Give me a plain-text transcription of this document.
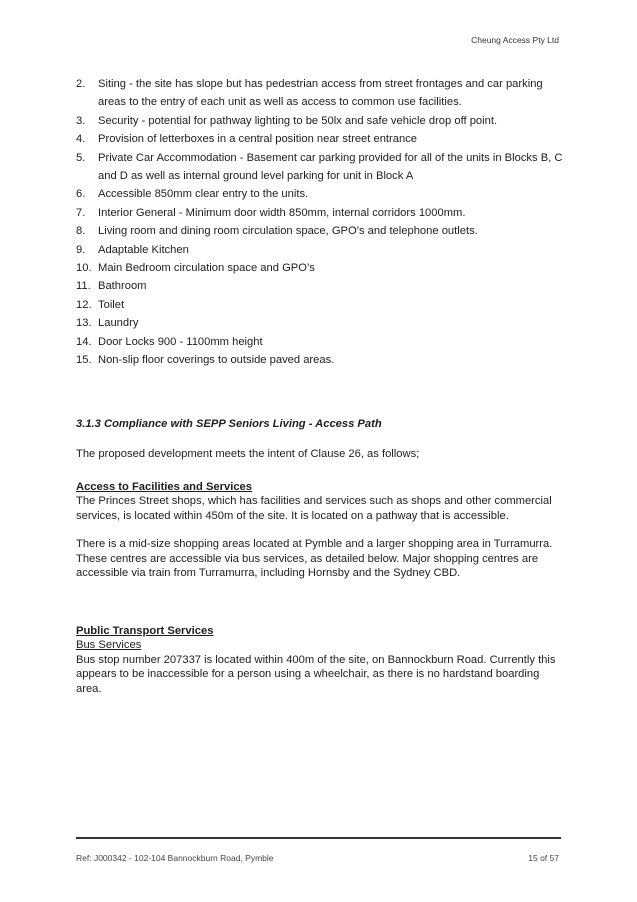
Cheung Access Pty Ltd
2. Siting - the site has slope but has pedestrian access from street frontages and car parking areas to the entry of each unit as well as access to common use facilities.
3. Security - potential for pathway lighting to be 50lx and safe vehicle drop off point.
4. Provision of letterboxes in a central position near street entrance
5. Private Car Accommodation - Basement car parking provided for all of the units in Blocks B, C and D as well as internal ground level parking for unit in Block A
6. Accessible 850mm clear entry to the units.
7. Interior General - Minimum door width 850mm, internal corridors 1000mm.
8. Living room and dining room circulation space, GPO’s and telephone outlets.
9. Adaptable Kitchen
10. Main Bedroom circulation space and GPO’s
11. Bathroom
12. Toilet
13. Laundry
14. Door Locks 900 - 1100mm height
15. Non-slip floor coverings to outside paved areas.
3.1.3 Compliance with SEPP Seniors Living - Access Path

The proposed development meets the intent of Clause 26, as follows;

Access to Facilities and Services
The Princes Street shops, which has facilities and services such as shops and other commercial services, is located within 450m of the site. It is located on a pathway that is accessible.
There is a mid-size shopping areas located at Pymble and a larger shopping area in Turramurra. These centres are accessible via bus services, as detailed below. Major shopping centres are accessible via train from Turramurra, including Hornsby and the Sydney CBD.
Public Transport Services
Bus Services
Bus stop number 207337 is located within 400m of the site, on Bannockburn Road. Currently this appears to be inaccessible for a person using a wheelchair, as there is no hardstand boarding area.
Ref: J000342 - 102-104 Bannockburn Road, Pymble	15 of 57
